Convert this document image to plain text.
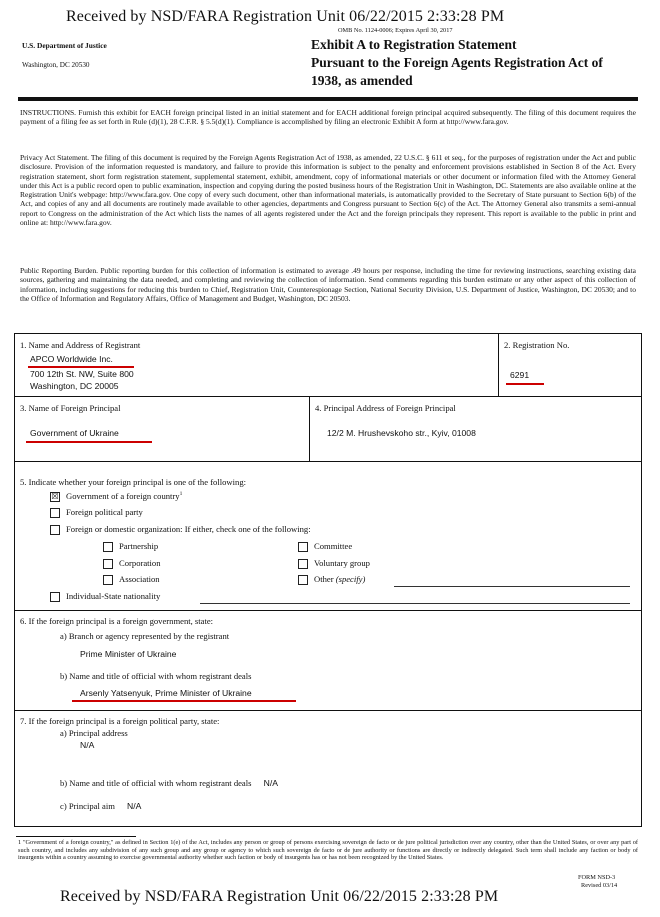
Received by NSD/FARA Registration Unit 06/22/2015 2:33:28 PM
OMB No. 1124-0006; Expires April 30, 2017
U.S. Department of Justice
Washington, DC 20530
Exhibit A to Registration Statement
Pursuant to the Foreign Agents Registration Act of
1938, as amended
INSTRUCTIONS. Furnish this exhibit for EACH foreign principal listed in an initial statement and for EACH additional foreign principal acquired subsequently. The filing of this document requires the payment of a filing fee as set forth in Rule (d)(1), 28 C.F.R. § 5.5(d)(1). Compliance is accomplished by filing an electronic Exhibit A form at http://www.fara.gov.
Privacy Act Statement. The filing of this document is required by the Foreign Agents Registration Act of 1938, as amended, 22 U.S.C. § 611 et seq., for the purposes of registration under the Act and public disclosure. Provision of the information requested is mandatory, and failure to provide this information is subject to the penalty and enforcement provisions established in Section 8 of the Act. Every registration statement, short form registration statement, supplemental statement, exhibit, amendment, copy of informational materials or other document or information filed with the Attorney General under this Act is a public record open to public examination, inspection and copying during the posted business hours of the Registration Unit in Washington, DC. Statements are also available online at the Registration Unit's webpage: http://www.fara.gov. One copy of every such document, other than informational materials, is automatically provided to the Secretary of State pursuant to Section 6(b) of the Act, and copies of any and all documents are routinely made available to other agencies, departments and Congress pursuant to Section 6(c) of the Act. The Attorney General also transmits a semi-annual report to Congress on the administration of the Act which lists the names of all agents registered under the Act and the foreign principals they represent. This report is available to the public in print and online at: http://www.fara.gov.
Public Reporting Burden. Public reporting burden for this collection of information is estimated to average .49 hours per response, including the time for reviewing instructions, searching existing data sources, gathering and maintaining the data needed, and completing and reviewing the collection of information. Send comments regarding this burden estimate or any other aspect of this collection of information, including suggestions for reducing this burden to Chief, Registration Unit, Counterespionage Section, National Security Division, U.S. Department of Justice, Washington, DC 20530; and to the Office of Information and Regulatory Affairs, Office of Management and Budget, Washington, DC 20503.
1. Name and Address of Registrant
APCO Worldwide Inc.
700 12th St. NW, Suite 800
Washington, DC 20005
2. Registration No.
6291
3. Name of Foreign Principal
Government of Ukraine
4. Principal Address of Foreign Principal
12/2 M. Hrushevskoho str., Kyiv, 01008
5. Indicate whether your foreign principal is one of the following:
☒ Government of a foreign country$^1$
Foreign political party
Foreign or domestic organization: If either, check one of the following:
Partnership
Corporation
Association
Committee
Voluntary group
Other (specify)
Individual-State nationality
6. If the foreign principal is a foreign government, state:
a) Branch or agency represented by the registrant
Prime Minister of Ukraine
b) Name and title of official with whom registrant deals
Arsenly Yatsenyuk, Prime Minister of Ukraine
7. If the foreign principal is a foreign political party, state:
a) Principal address
N/A
b) Name and title of official with whom registrant deals N/A
c) Principal aim N/A
1 "Government of a foreign country," as defined in Section 1(e) of the Act, includes any person or group of persons exercising sovereign de facto or de jure political jurisdiction over any country, other than the United States, or over any part of such country, and includes any subdivision of any such group and any group or agency to which such sovereign de facto or de jure authority or functions are directly or indirectly delegated. Such term shall include any faction or body of insurgents within a country assuming to exercise governmental authority whether such faction or body of insurgents has or has not been recognized by the United States.
FORM NSD-3
Revised 03/14
Received by NSD/FARA Registration Unit 06/22/2015 2:33:28 PM
